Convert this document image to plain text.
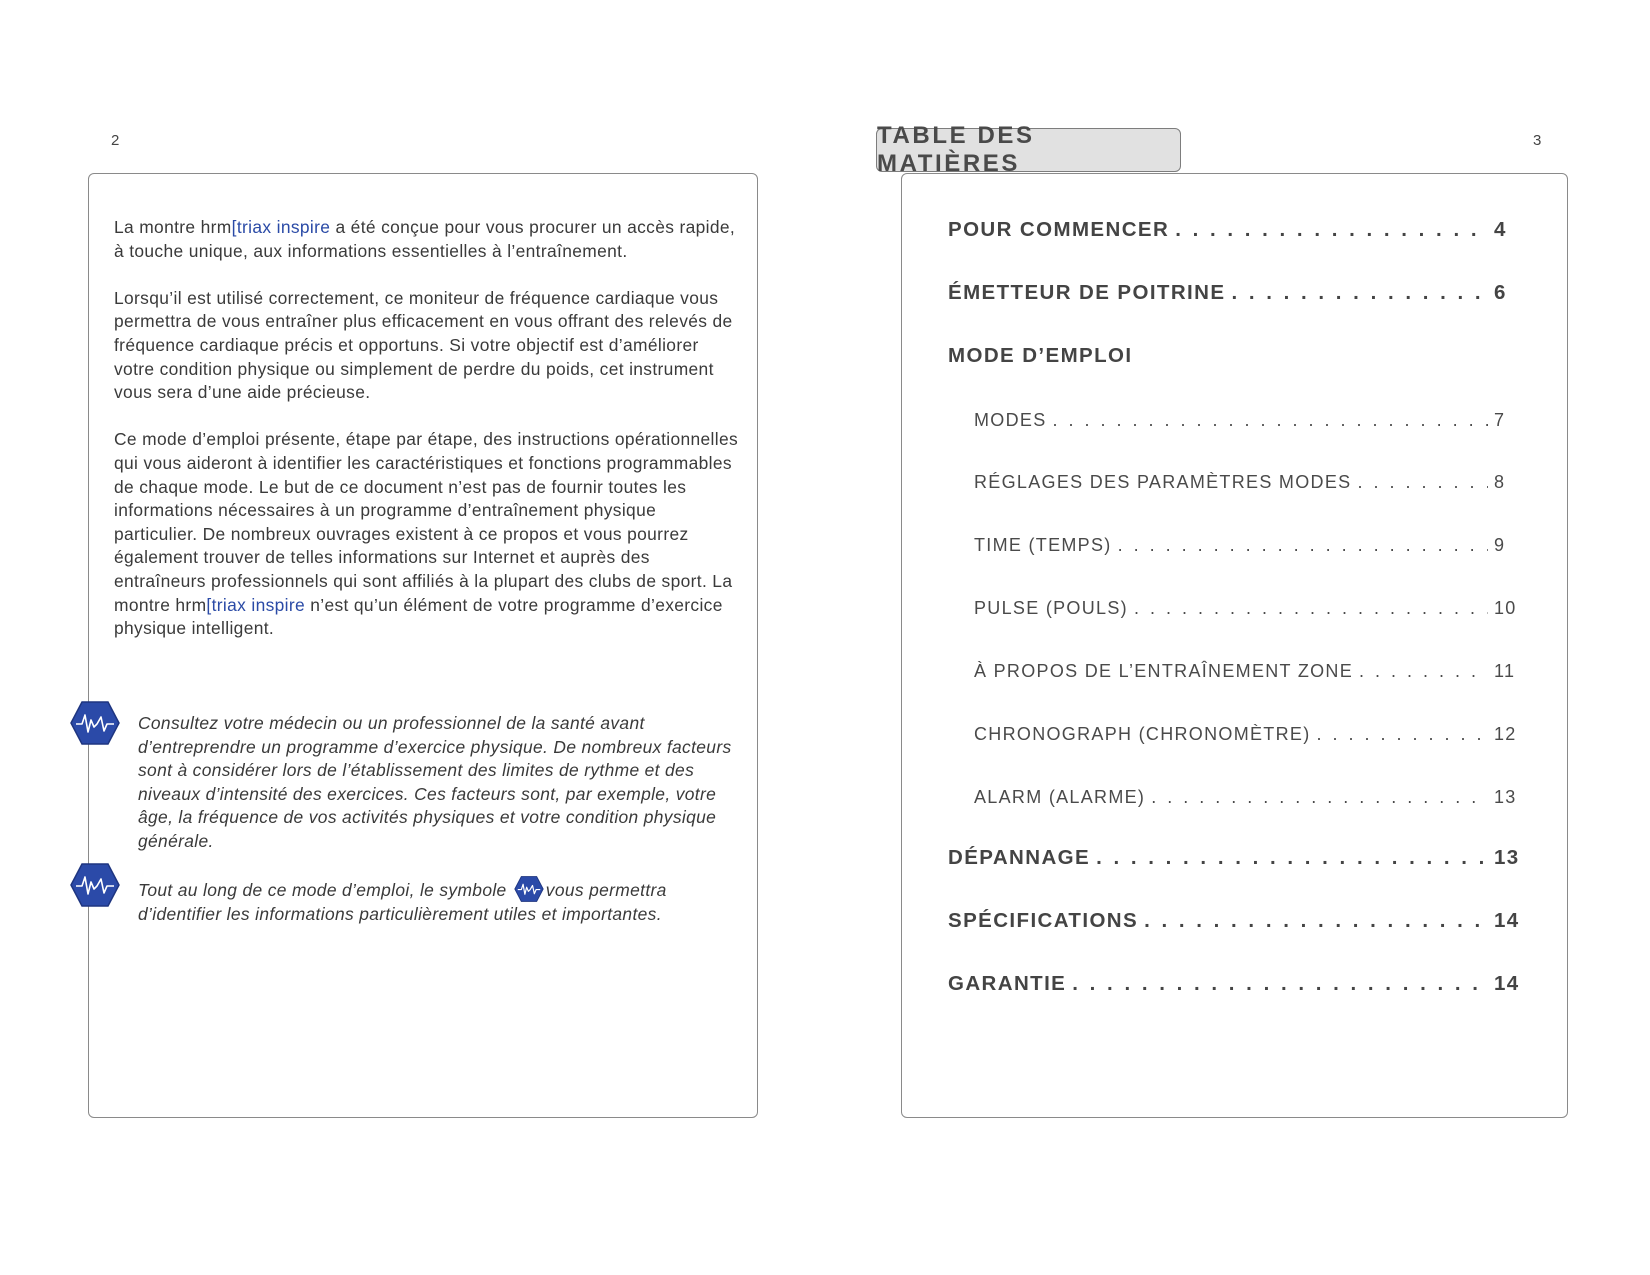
2

La montre hrm[triax inspire a été conçue pour vous procurer un accès rapide, à touche unique, aux informations essentielles à l’entraînement.

Lorsqu’il est utilisé correctement, ce moniteur de fréquence cardiaque vous permettra de vous entraîner plus efficacement en vous offrant des relevés de fréquence cardiaque précis et opportuns. Si votre objectif est d’améliorer votre condition physique ou simplement de perdre du poids, cet instrument vous sera d’une aide précieuse.

Ce mode d’emploi présente, étape par étape, des instructions opérationnelles qui vous aideront à identifier les caractéristiques et fonctions programmables de chaque mode. Le but de ce document n’est pas de fournir toutes les informations nécessaires à un programme d’entraînement physique particulier. De nombreux ouvrages existent à ce propos et vous pourrez également trouver de telles informations sur Internet et auprès des entraîneurs professionnels qui sont affiliés à la plupart des clubs de sport. La montre hrm[triax inspire n’est qu’un élément de votre programme d’exercice physique intelligent.

Consultez votre médecin ou un professionnel de la santé avant d’entreprendre un programme d’exercice physique. De nombreux facteurs sont à considérer lors de l’établissement des limites de rythme et des niveaux d’intensité des exercices. Ces facteurs sont, par exemple, votre âge, la fréquence de vos activités physiques et votre condition physique générale.
Tout au long de ce mode d’emploi, le symbole vous permettra d’identifier les informations particulièrement utiles et importantes.
3
TABLE DES MATIÈRES
POUR COMMENCER . . .	4
ÉMETTEUR DE POITRINE . . .	6
MODE D’EMPLOI
MODES . . .	7
RÉGLAGES DES PARAMÈTRES MODES . . .	8
TIME (TEMPS) . . .	9
PULSE (POULS) . . .	10
À PROPOS DE L’ENTRAÎNEMENT ZONE . . .	11
CHRONOGRAPH (CHRONOMÈTRE) . . .	12
ALARM (ALARME) . . .	13
DÉPANNAGE . . .	13
SPÉCIFICATIONS . . .	14
GARANTIE . . .	14
